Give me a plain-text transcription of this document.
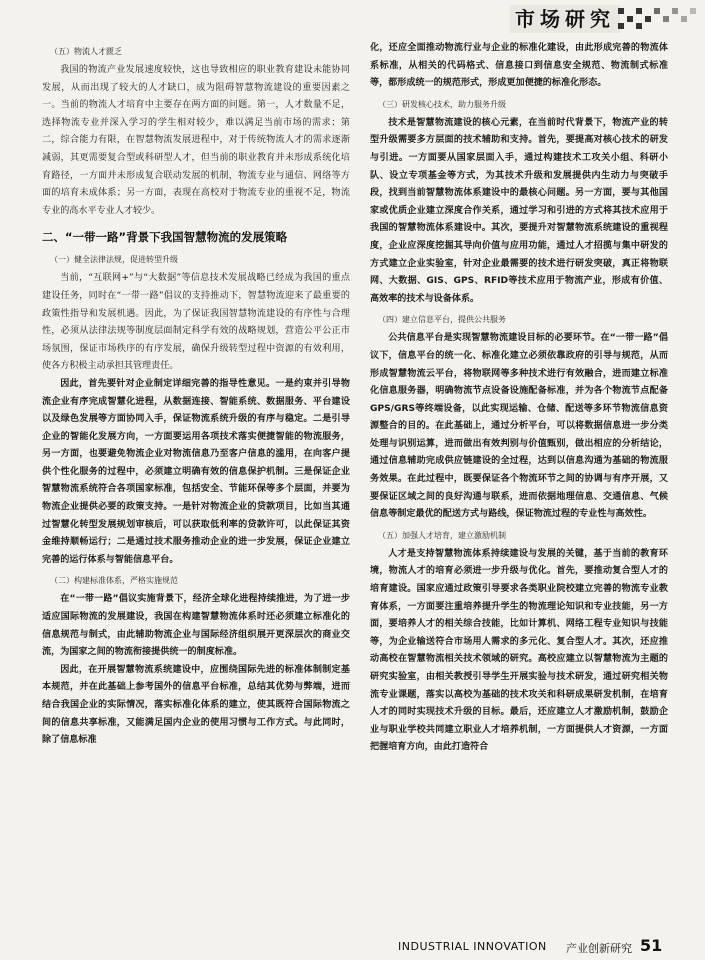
市场研究
（五）物流人才匮乏

我国的物流产业发展速度较快，这也导致相应的职业教育建设未能协同发展，从而出现了较大的人才缺口，成为阻碍智慧物流建设的重要因素之一。当前的物流人才培育中主要存在两方面的问题。第一，人才数量不足，选择物流专业并深入学习的学生相对较少，难以满足当前市场的需求；第二，综合能力有限，在智慧物流发展进程中，对于传统物流人才的需求逐渐减弱，其更需要复合型或科研型人才，但当前的职业教育并未形成系统化培育路径，一方面并未形成复合联动发展的机制，物流专业与通信、网络等方面的培育未成体系；另一方面，表现在高校对于物流专业的重视不足，物流专业的高水平专业人才较少。

二、“一带一路”背景下我国智慧物流的发展策略
（一）健全法律法规，促进转型升级

当前，“互联网+”与“大数据”等信息技术发展战略已经成为我国的重点建设任务，同时在“一带一路”倡议的支持推动下，智慧物流迎来了最重要的政策性指导和发展机遇。因此，为了保证我国智慧物流建设的有序性与合理性，必须从法律法规等制度层面制定科学有效的战略规划，营造公平公正市场氛围，保证市场秩序的有序发展，确保升级转型过程中资源的有效利用，使各方积极主动承担其管理责任。

因此，首先要针对企业制定详细完善的指导性意见。一是约束并引导物流企业有序完成智慧化进程，从数据连接、智能系统、数据服务、平台建设以及绿色发展等方面协同入手，保证物流系统升级的有序与稳定。二是引导企业的智能化发展方向，一方面要运用各项技术落实便捷智能的物流服务，另一方面，也要避免物流企业对物流信息乃至客户信息的滥用，在向客户提供个性化服务的过程中，必须建立明确有效的信息保护机制。三是保证企业智慧物流系统符合各项国家标准，包括安全、节能环保等多个层面，并要为物流企业提供必要的政策支持。一是针对物流企业的贷款项目，比如当其通过智慧化转型发展规划审核后，可以获取低利率的贷款许可，以此保证其资金维持顺畅运行；二是通过技术服务推动企业的进一步发展，保证企业建立完善的运行体系与智能信息平台。

（二）构建标准体系，严格实施规范

在“一带一路”倡议实施背景下，经济全球化进程持续推进，为了进一步适应国际物流的发展建设，我国在构建智慧物流体系时还必须建立标准化的信息规范与制式，由此辅助物流企业与国际经济组织展开更深层次的商业交流，为国家之间的物流衔接提供统一的制度标准。

因此，在开展智慧物流系统建设中，应围绕国际先进的标准体制制定基本规范，并在此基础上参考国外的信息平台标准，总结其优势与弊端，进而结合我国企业的实际情况，落实标准化体系的建立，使其既符合国际物流之间的信息共享标准，又能满足国内企业的使用习惯与工作方式。与此同时，除了信息标准

化，还应全面推动物流行业与企业的标准化建设，由此形成完善的物流体系标准，从相关的代码格式、信息接口到信息安全规范、物流制式标准等，都形成统一的规范形式，形成更加便捷的标准化形态。

（三）研发核心技术，助力服务升级

技术是智慧物流建设的核心元素，在当前时代背景下，物流产业的转型升级需要多方层面的技术辅助和支持。首先，要提高对核心技术的研发与引进。一方面要从国家层面入手，通过构建技术工攻关小组、科研小队、设立专项基金等方式，为其技术升级和发展提供内生动力与突破手段，找到当前智慧物流体系建设中的最核心问题。另一方面，要与其他国家或优质企业建立深度合作关系，通过学习和引进的方式将其技术应用于我国的智慧物流体系建设中。其次，要提升对智慧物流系统建设的重视程度，企业应深度挖掘其导向价值与应用功能，通过人才招揽与集中研发的方式建立企业实验室，针对企业最需要的技术进行研发突破，真正将物联网、大数据、GIS、GPS、RFID等技术应用于物流产业，形成有价值、高效率的技术与设备体系。

（四）建立信息平台，提供公共服务

公共信息平台是实现智慧物流建设目标的必要环节。在“一带一路”倡议下，信息平台的统一化、标准化建立必须依靠政府的引导与规范，从而形成智慧物流云平台，将物联网等多种技术进行有效融合，进而建立标准化信息服务器，明确物流节点设备设施配备标准，并为各个物流节点配备GPS/GRS等终端设备，以此实现运输、仓储、配送等多环节物流信息资源整合的目的。在此基础上，通过分析平台，可以将数据信息进一步分类处理与识别运算，进而做出有效判别与价值甄别，做出相应的分析结论，通过信息辅助完成供应链建设的全过程，达到以信息沟通为基础的物流服务效果。在此过程中，既要保证各个物流环节之间的协调与有序开展，又要保证区域之间的良好沟通与联系，进而依据地理信息、交通信息、气候信息等制定最优的配送方式与路线，保证物流过程的专业性与高效性。

（五）加强人才培育，建立激励机制

人才是支持智慧物流体系持续建设与发展的关键，基于当前的教育环境，物流人才的培育必须进一步升级与优化。首先，要推动复合型人才的培育建设。国家应通过政策引导要求各类职业院校建立完善的物流专业教育体系，一方面要注重培养提升学生的物流理论知识和专业技能，另一方面，要培养人才的相关综合技能，比如计算机、网络工程专业知识与技能等，为企业输送符合市场用人需求的多元化、复合型人才。其次，还应推动高校在智慧物流相关技术领域的研究。高校应建立以智慧物流为主题的研究实验室，由相关教授引导学生开展实验与技术研发，通过研究相关物流专业课题，落实以高校为基础的技术攻关和科研成果研发机制，在培育人才的同时实现技术升级的目标。最后，还应建立人才激励机制，鼓励企业与职业学校共同建立职业人才培养机制，一方面提供人才资源，一方面把握培育方向，由此打造符合

INDUSTRIAL INNOVATION 产业创新研究 51
